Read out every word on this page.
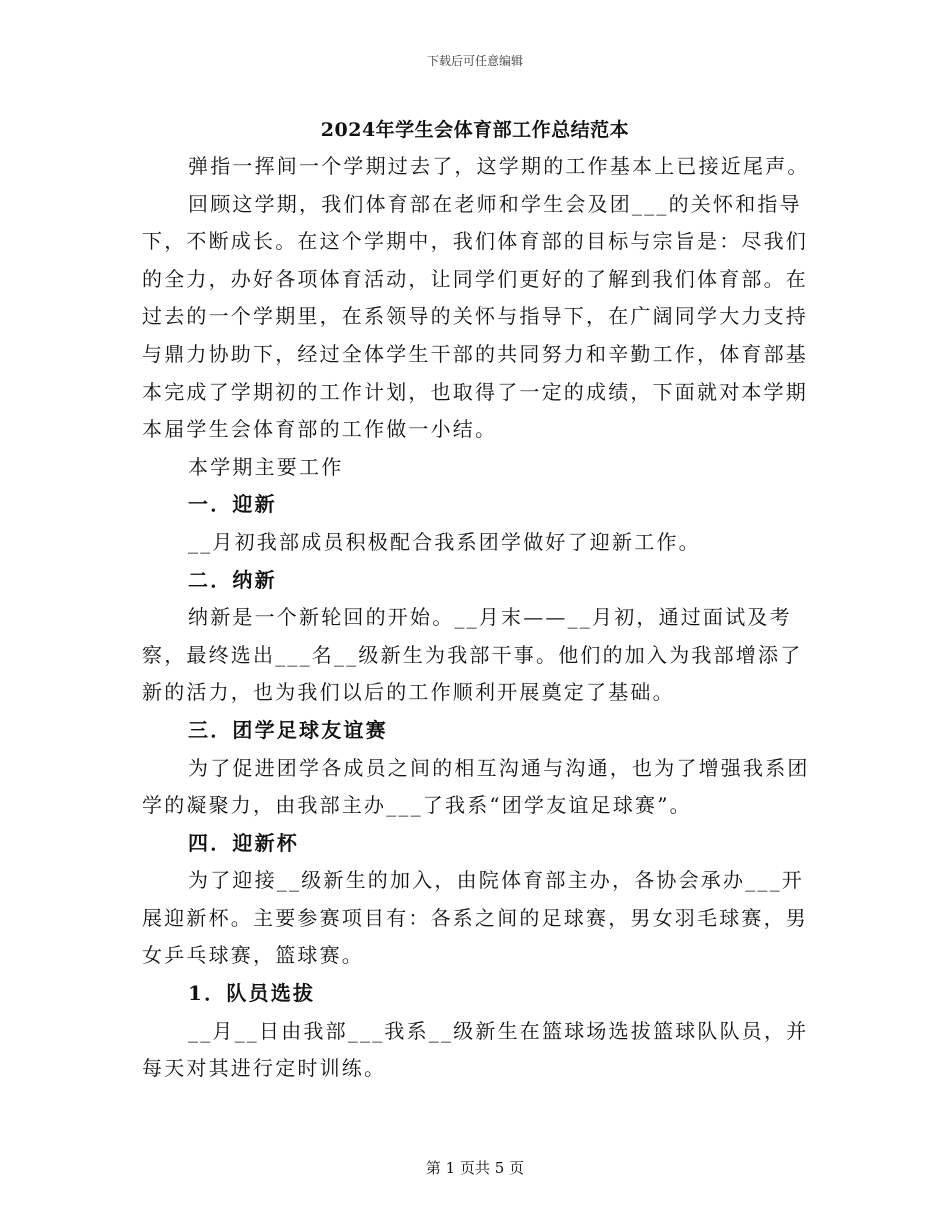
下载后可任意编辑
2024年学生会体育部工作总结范本

弹指一挥间一个学期过去了，这学期的工作基本上已接近尾声。

回顾这学期，我们体育部在老师和学生会及团___的关怀和指导下，不断成长。在这个学期中，我们体育部的目标与宗旨是：尽我们的全力，办好各项体育活动，让同学们更好的了解到我们体育部。在过去的一个学期里，在系领导的关怀与指导下，在广阔同学大力支持与鼎力协助下，经过全体学生干部的共同努力和辛勤工作，体育部基本完成了学期初的工作计划，也取得了一定的成绩，下面就对本学期本届学生会体育部的工作做一小结。

本学期主要工作

一．迎新

__月初我部成员积极配合我系团学做好了迎新工作。

二．纳新

纳新是一个新轮回的开始。__月末——__月初，通过面试及考察，最终选出___名__级新生为我部干事。他们的加入为我部增添了新的活力，也为我们以后的工作顺利开展奠定了基础。

三．团学足球友谊赛

为了促进团学各成员之间的相互沟通与沟通，也为了增强我系团学的凝聚力，由我部主办___了我系“团学友谊足球赛”。

四．迎新杯

为了迎接__级新生的加入，由院体育部主办，各协会承办___开展迎新杯。主要参赛项目有：各系之间的足球赛，男女羽毛球赛，男女乒乓球赛，篮球赛。

1．队员选拔

__月__日由我部___我系__级新生在篮球场选拔篮球队队员，并每天对其进行定时训练。

第 1 页共 5 页
